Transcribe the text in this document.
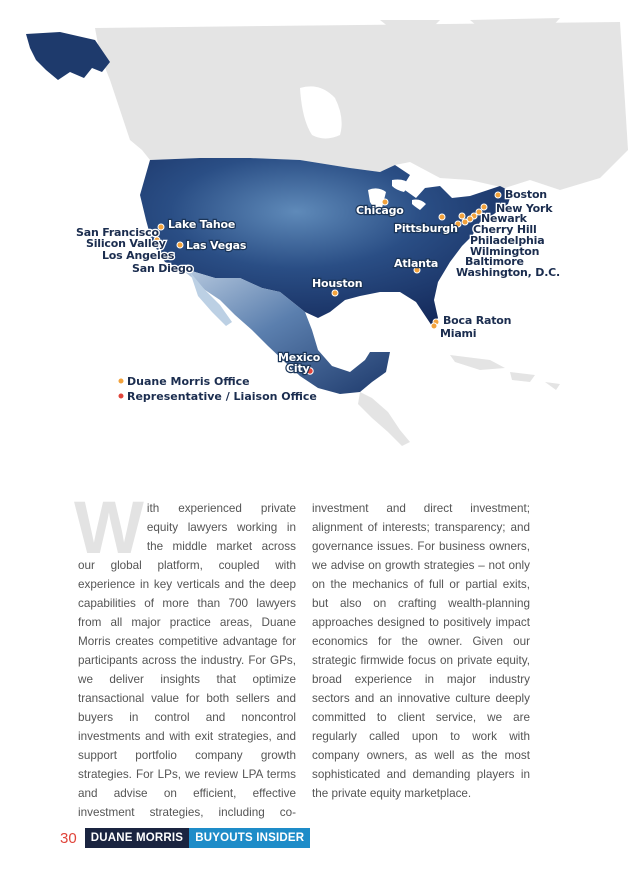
Boston
New York
Newark
Cherry Hill
Philadelphia
Wilmington
Baltimore
Washington, D.C.
Pittsburgh
Chicago
Atlanta
Boca Raton
Miami
Houston
Lake Tahoe
San Francisco
Silicon Valley Las Vegas
Los Angeles
San Diego
Mexico
City
Duane Morris Office
Representative / Liaison Office
W ith experienced private equity lawyers working in the middle market across our global platform, coupled with experience in key verticals and the deep capabilities of more than 700 lawyers from all major practice areas, Duane Morris creates competitive advantage for participants across the industry. For GPs, we deliver insights that optimize transactional value for both sellers and buyers in control and noncontrol investments and with exit strategies, and support portfolio company growth strategies. For LPs, we review LPA terms and advise on efficient, effective investment strategies, including co-investment and direct investment; alignment of interests; transparency; and governance issues. For business owners, we advise on growth strategies – not only on the mechanics of full or partial exits, but also on crafting wealth-planning approaches designed to positively impact economics for the owner. Given our strategic firmwide focus on private equity, broad experience in major industry sectors and an innovative culture deeply committed to client service, we are regularly called upon to work with company owners, as well as the most sophisticated and demanding players in the private equity marketplace.

30	DUANE MORRIS	BUYOUTS INSIDER
